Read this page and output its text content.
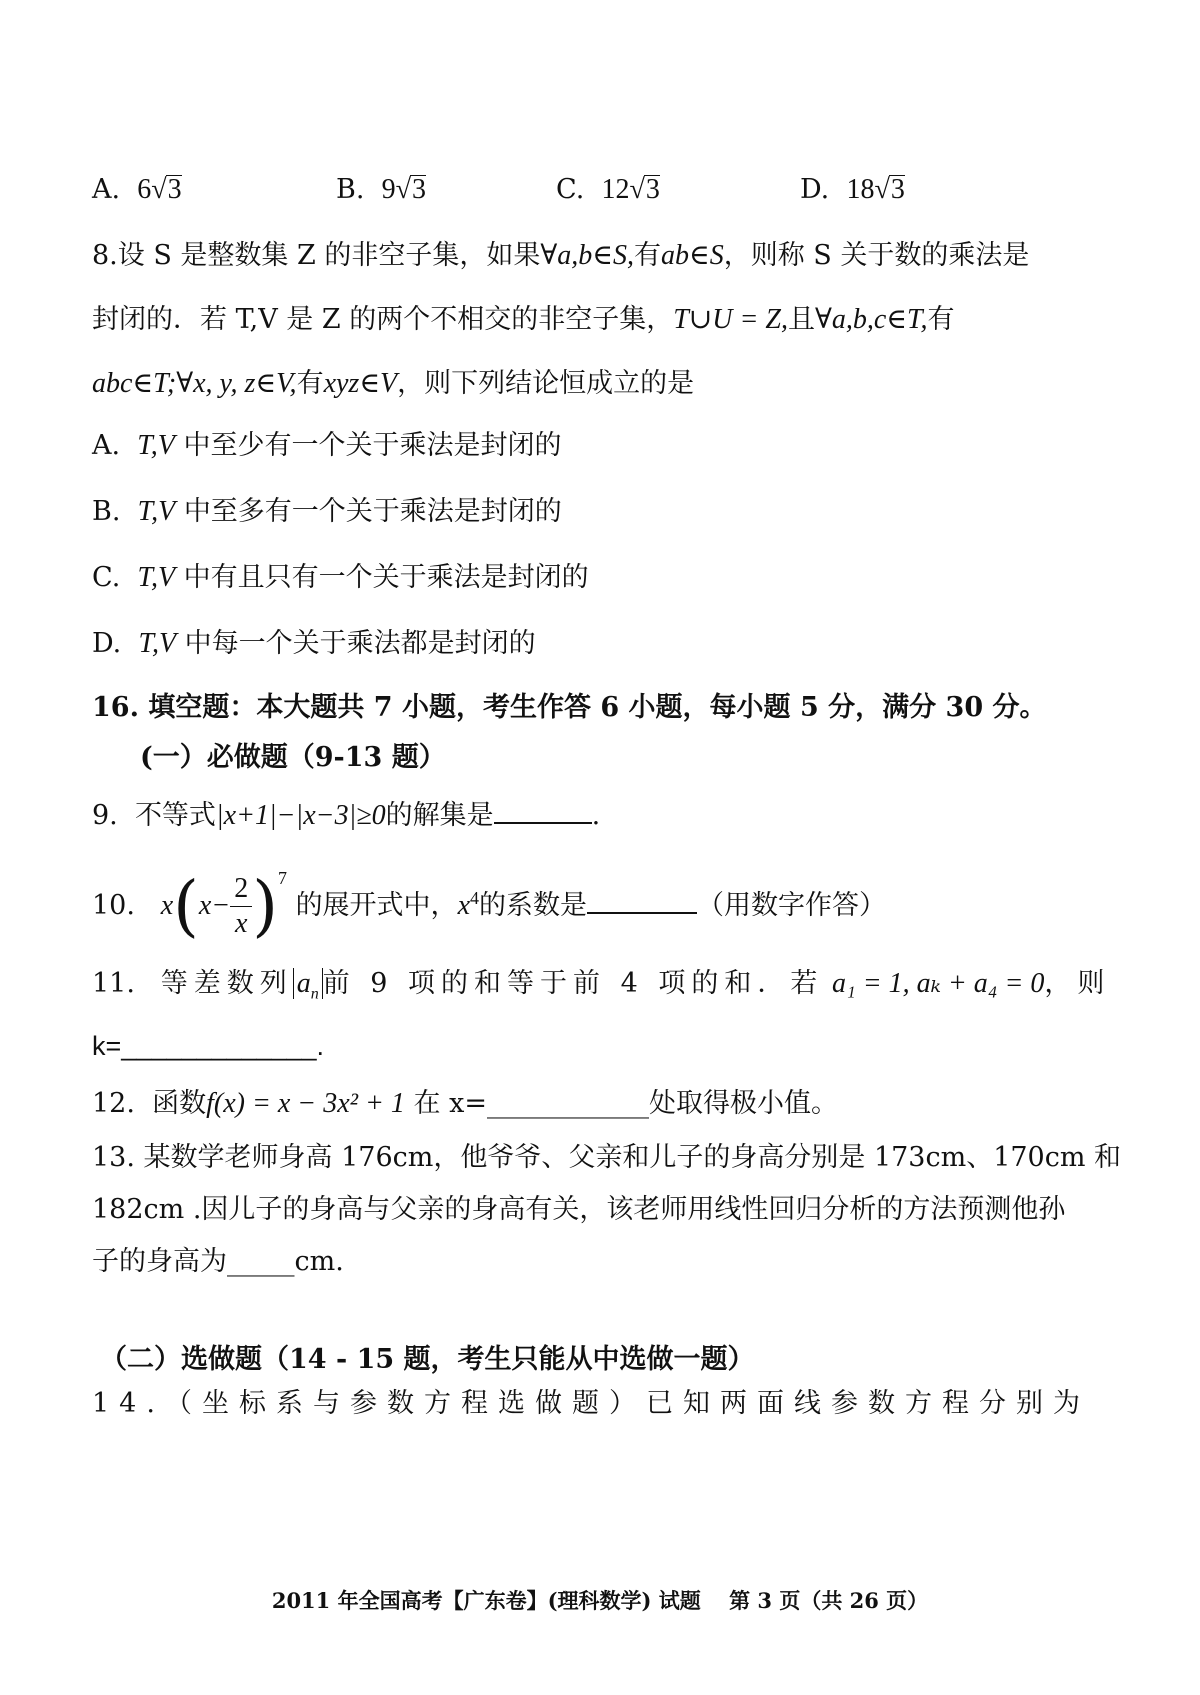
A. 6√3	B. 9√3	C. 12√3	D. 18√3
8.设 S 是整数集 Z 的非空子集，如果∀a,b∈S,有ab∈S，则称 S 关于数的乘法是
封闭的．若 T,V 是 Z 的两个不相交的非空子集，T∪U = Z,且∀a,b,c∈T,有
abc∈T;∀x, y, z∈V,有xyz∈V，则下列结论恒成立的是
A. T,V 中至少有一个关于乘法是封闭的
B. T,V 中至多有一个关于乘法是封闭的
C. T,V 中有且只有一个关于乘法是封闭的
D. T,V 中每一个关于乘法都是封闭的
16. 填空题：本大题共 7 小题，考生作答 6 小题，每小题 5 分，满分 30 分。
(一）必做题（9-13 题）
9. 不等式|x+1|−|x−3|≥0的解集是	.
10. $x(x- \frac{2}{x} )^7$ 的展开式中，$x^4$的系数是	（用数字作答）
11. 等差数列 $a_n$ 前 9 项的和等于前 4 项的和．若 a₁ = 1, aₖ + a₄ = 0，则
k=_____________.
12. 函数f(x) = x − 3x² + 1 在 x=____________处取得极小值。
13. 某数学老师身高 176cm，他爷爷、父亲和儿子的身高分别是 173cm、170cm 和
182cm .因儿子的身高与父亲的身高有关，该老师用线性回归分析的方法预测他孙
子的身高为_____cm.
（二）选做题（14 - 15 题，考生只能从中选做一题）
14.（坐标系与参数方程选做题）已知两面线参数方程分别为
2011 年全国高考【广东卷】(理科数学) 试题　 第 3 页（共 26 页）
